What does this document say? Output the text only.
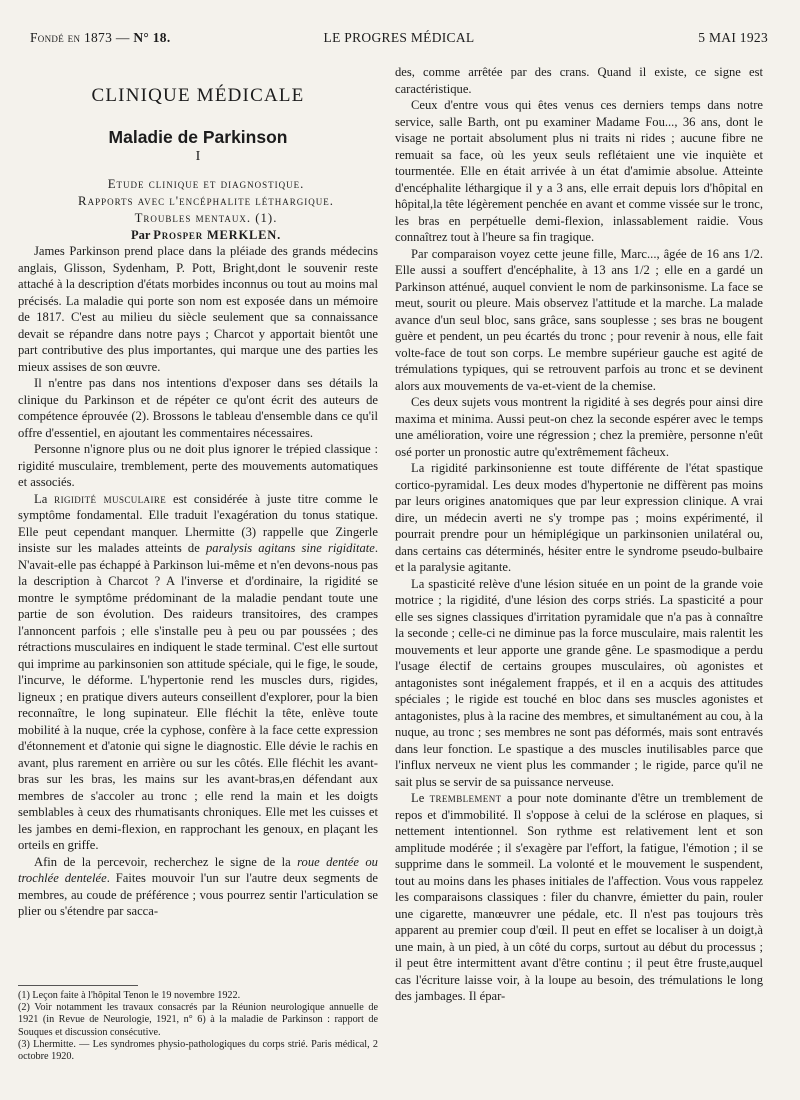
Fondé en 1873 — N° 18.	LE PROGRES MÉDICAL	5 MAI 1923
CLINIQUE MÉDICALE
Maladie de Parkinson
I

Etude clinique et diagnostique.

Rapports avec l'encéphalite léthargique.

Troubles mentaux. (1).

Par Prosper MERKLEN.

James Parkinson prend place dans la pléiade des grands médecins anglais, Glisson, Sydenham, P. Pott, Bright,dont le souvenir reste attaché à la description d'états morbides inconnus ou tout au moins mal précisés. La maladie qui porte son nom est exposée dans un mémoire de 1817. C'est au milieu du siècle seulement que sa connaissance devait se répandre dans notre pays ; Charcot y apportait bientôt une part contributive des plus importantes, qui marque une des parties les mieux assises de son œuvre.

Il n'entre pas dans nos intentions d'exposer dans ses détails la clinique du Parkinson et de répéter ce qu'ont écrit des auteurs de compétence éprouvée (2). Brossons le tableau d'ensemble dans ce qu'il offre d'essentiel, en ajoutant les commentaires nécessaires.

Personne n'ignore plus ou ne doit plus ignorer le trépied classique : rigidité musculaire, tremblement, perte des mouvements automatiques et associés.

La rigidité musculaire est considérée à juste titre comme le symptôme fondamental. Elle traduit l'exagération du tonus statique. Elle peut cependant manquer. Lhermitte (3) rappelle que Zingerle insiste sur les malades atteints de paralysis agitans sine rigiditate. N'avait-elle pas échappé à Parkinson lui-même et n'en devons-nous pas la description à Charcot ? A l'inverse et d'ordinaire, la rigidité se montre le symptôme prédominant de la maladie pendant toute une partie de son évolution. Des raideurs transitoires, des crampes l'annoncent parfois ; elle s'installe peu à peu ou par poussées ; des rétractions musculaires en indiquent le stade terminal. C'est elle surtout qui imprime au parkinsonien son attitude spéciale, qui le fige, le soude, l'incurve, le déforme. L'hypertonie rend les muscles durs, rigides, ligneux ; en pratique divers auteurs conseillent d'explorer, pour la bien reconnaître, le long supinateur. Elle fléchit la tête, enlève toute mobilité à la nuque, crée la cyphose, confère à la face cette expression d'étonnement et d'atonie qui signe le diagnostic. Elle dévie le rachis en avant, plus rarement en arrière ou sur les côtés. Elle fléchit les avant-bras sur les bras, les mains sur les avant-bras,en défendant aux membres de s'accoler au tronc ; elle rend la main et les doigts semblables à ceux des rhumatisants chroniques. Elle met les cuisses et les jambes en demi-flexion, en rapprochant les genoux, en plaçant les orteils en griffe.

Afin de la percevoir, recherchez le signe de la roue dentée ou trochlée dentelée. Faites mouvoir l'un sur l'autre deux segments de membres, au coude de préférence ; vous pourrez sentir l'articulation se plier ou s'étendre par sacca-

(1) Leçon faite à l'hôpital Tenon le 19 novembre 1922.

(2) Voir notamment les travaux consacrés par la Réunion neurologique annuelle de 1921 (in Revue de Neurologie, 1921, n° 6) à la maladie de Parkinson : rapport de Souques et discussion consécutive.

(3) Lhermitte. — Les syndromes physio-pathologiques du corps strié. Paris médical, 2 octobre 1920.

des, comme arrêtée par des crans. Quand il existe, ce signe est caractéristique.

Ceux d'entre vous qui êtes venus ces derniers temps dans notre service, salle Barth, ont pu examiner Madame Fou..., 36 ans, dont le visage ne portait absolument plus ni traits ni rides ; aucune fibre ne remuait sa face, où les yeux seuls reflétaient une vie inquiète et tourmentée. Elle en était arrivée à un état d'amimie absolue. Atteinte d'encéphalite léthargique il y a 3 ans, elle errait depuis lors d'hôpital en hôpital,la tête légèrement penchée en avant et comme vissée sur le tronc, les bras en perpétuelle demi-flexion, inlassablement raidie. Vous connaîtrez tout à l'heure sa fin tragique.

Par comparaison voyez cette jeune fille, Marc..., âgée de 16 ans 1/2. Elle aussi a souffert d'encéphalite, à 13 ans 1/2 ; elle en a gardé un Parkinson atténué, auquel convient le nom de parkinsonisme. La face se meut, sourit ou pleure. Mais observez l'attitude et la marche. La malade avance d'un seul bloc, sans grâce, sans souplesse ; ses bras ne bougent guère et pendent, un peu écartés du tronc ; pour revenir à nous, elle fait volte-face de tout son corps. Le membre supérieur gauche est agité de trémulations typiques, qui se retrouvent parfois au tronc et se devinent alors aux mouvements de va-et-vient de la chemise.

Ces deux sujets vous montrent la rigidité à ses degrés pour ainsi dire maxima et minima. Aussi peut-on chez la seconde espérer avec le temps une amélioration, voire une régression ; chez la première, personne n'eût osé porter un pronostic autre qu'extrêmement fâcheux.

La rigidité parkinsonienne est toute différente de l'état spastique cortico-pyramidal. Les deux modes d'hypertonie ne diffèrent pas moins par leurs origines anatomiques que par leur expression clinique. A vrai dire, un médecin averti ne s'y trompe pas ; moins expérimenté, il pourrait prendre pour un hémiplégique un parkinsonien unilatéral ou, dans certains cas déterminés, hésiter entre le syndrome pseudo-bulbaire et la paralysie agitante.

La spasticité relève d'une lésion située en un point de la grande voie motrice ; la rigidité, d'une lésion des corps striés. La spasticité a pour elle ses signes classiques d'irritation pyramidale que n'a pas à connaître la seconde ; celle-ci ne diminue pas la force musculaire, mais ralentit les mouvements et leur apporte une grande gêne. Le spasmodique a perdu l'usage électif de certains groupes musculaires, où agonistes et antagonistes sont inégalement frappés, et il en a acquis des attitudes spéciales ; le rigide est touché en bloc dans ses muscles agonistes et antagonistes, plus à la racine des membres, et simultanément au cou, à la nuque, au tronc ; ses membres ne sont pas déformés, mais sont entravés dans leur fonction. Le spastique a des muscles inutilisables parce que l'influx nerveux ne vient plus les commander ; le rigide, parce qu'il ne sait plus se servir de sa puissance nerveuse.

Le tremblement a pour note dominante d'être un tremblement de repos et d'immobilité. Il s'oppose à celui de la sclérose en plaques, si nettement intentionnel. Son rythme est relativement lent et son amplitude modérée ; il s'exagère par l'effort, la fatigue, l'émotion ; il se supprime dans le sommeil. La volonté et le mouvement le suspendent, tout au moins dans les phases initiales de l'affection. Vous vous rappelez les comparaisons classiques : filer du chanvre, émietter du pain, rouler une cigarette, manœuvrer une pédale, etc. Il n'est pas toujours très apparent au premier coup d'œil. Il peut en effet se localiser à un doigt,à une main, à un pied, à un côté du corps, surtout au début du processus ; il peut être intermittent avant d'être continu ; il peut être fruste,auquel cas l'écriture laisse voir, à la loupe au besoin, des trémulations le long des jambages. Il épar-
